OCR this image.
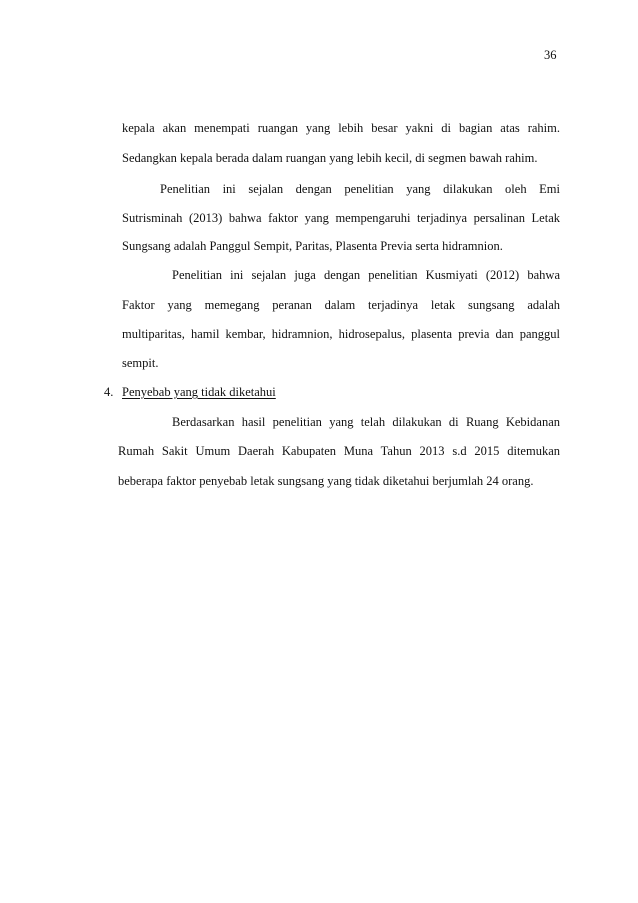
36
kepala akan menempati ruangan yang lebih besar yakni di bagian atas rahim.
Sedangkan kepala berada dalam ruangan yang lebih kecil, di segmen bawah rahim.
Penelitian ini sejalan dengan penelitian yang dilakukan oleh Emi
Sutrisminah (2013) bahwa faktor yang mempengaruhi terjadinya persalinan Letak
Sungsang adalah Panggul Sempit, Paritas, Plasenta Previa serta hidramnion.
Penelitian ini sejalan juga dengan penelitian Kusmiyati (2012) bahwa
Faktor yang memegang peranan dalam terjadinya letak sungsang adalah
multiparitas, hamil kembar, hidramnion, hidrosepalus, plasenta previa dan panggul
sempit.
4. Penyebab yang tidak diketahui
Berdasarkan hasil penelitian yang telah dilakukan di Ruang Kebidanan
Rumah Sakit Umum Daerah Kabupaten Muna Tahun 2013 s.d 2015 ditemukan
beberapa faktor penyebab letak sungsang yang tidak diketahui berjumlah 24 orang.
